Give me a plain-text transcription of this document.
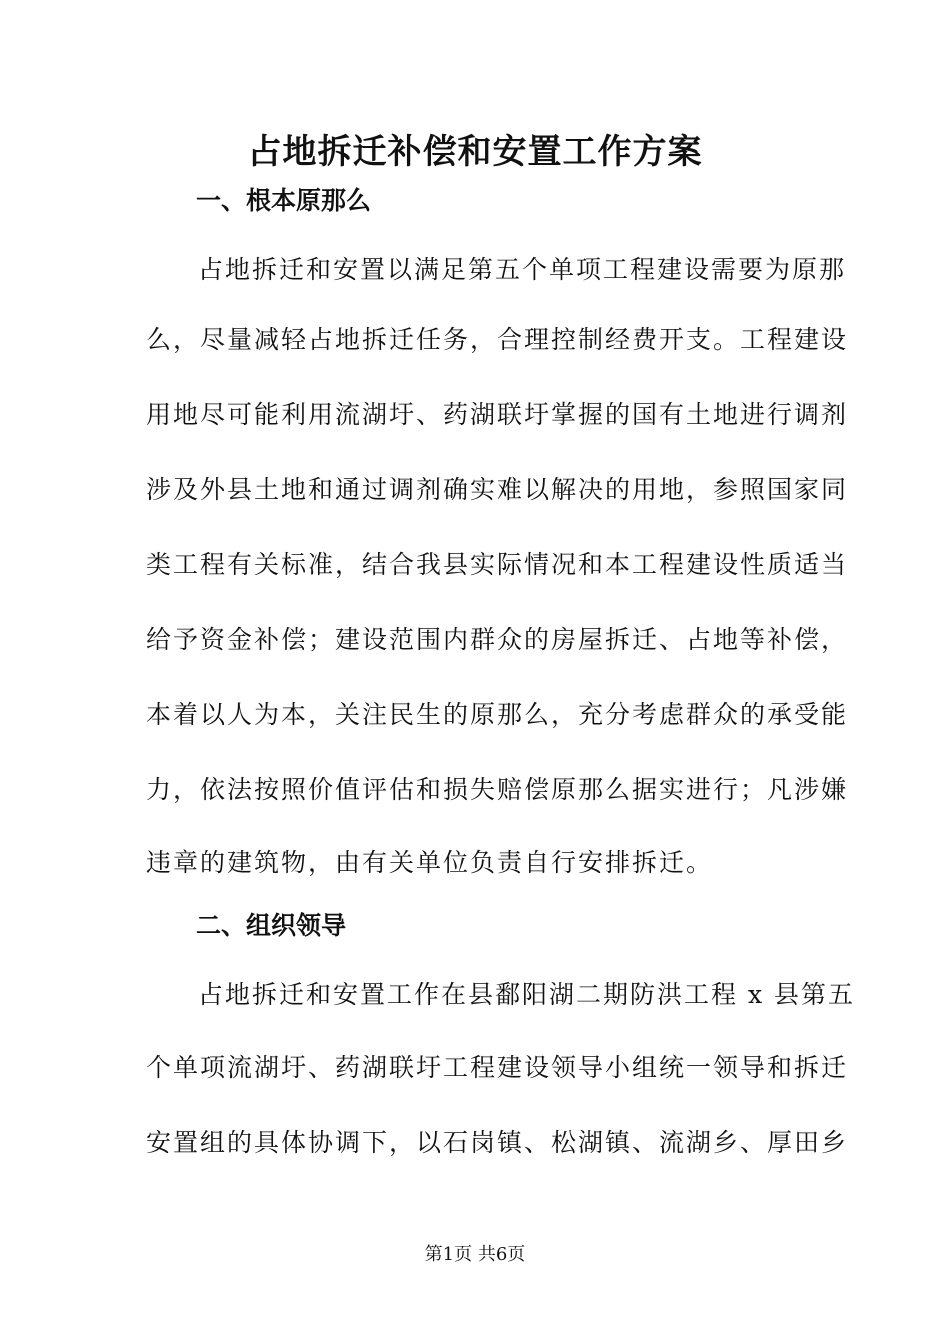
占地拆迁补偿和安置工作方案
一、根本原那么
占地拆迁和安置以满足第五个单项工程建设需要为原那
么，尽量减轻占地拆迁任务，合理控制经费开支。工程建设
用地尽可能利用流湖圩、药湖联圩掌握的国有土地进行调剂
涉及外县土地和通过调剂确实难以解决的用地，参照国家同
类工程有关标准，结合我县实际情况和本工程建设性质适当
给予资金补偿；建设范围内群众的房屋拆迁、占地等补偿，
本着以人为本，关注民生的原那么，充分考虑群众的承受能
力，依法按照价值评估和损失赔偿原那么据实进行；凡涉嫌
违章的建筑物，由有关单位负责自行安排拆迁。
二、组织领导
占地拆迁和安置工作在县鄱阳湖二期防洪工程 x 县第五
个单项流湖圩、药湖联圩工程建设领导小组统一领导和拆迁
安置组的具体协调下，以石岗镇、松湖镇、流湖乡、厚田乡
第1页 共6页
